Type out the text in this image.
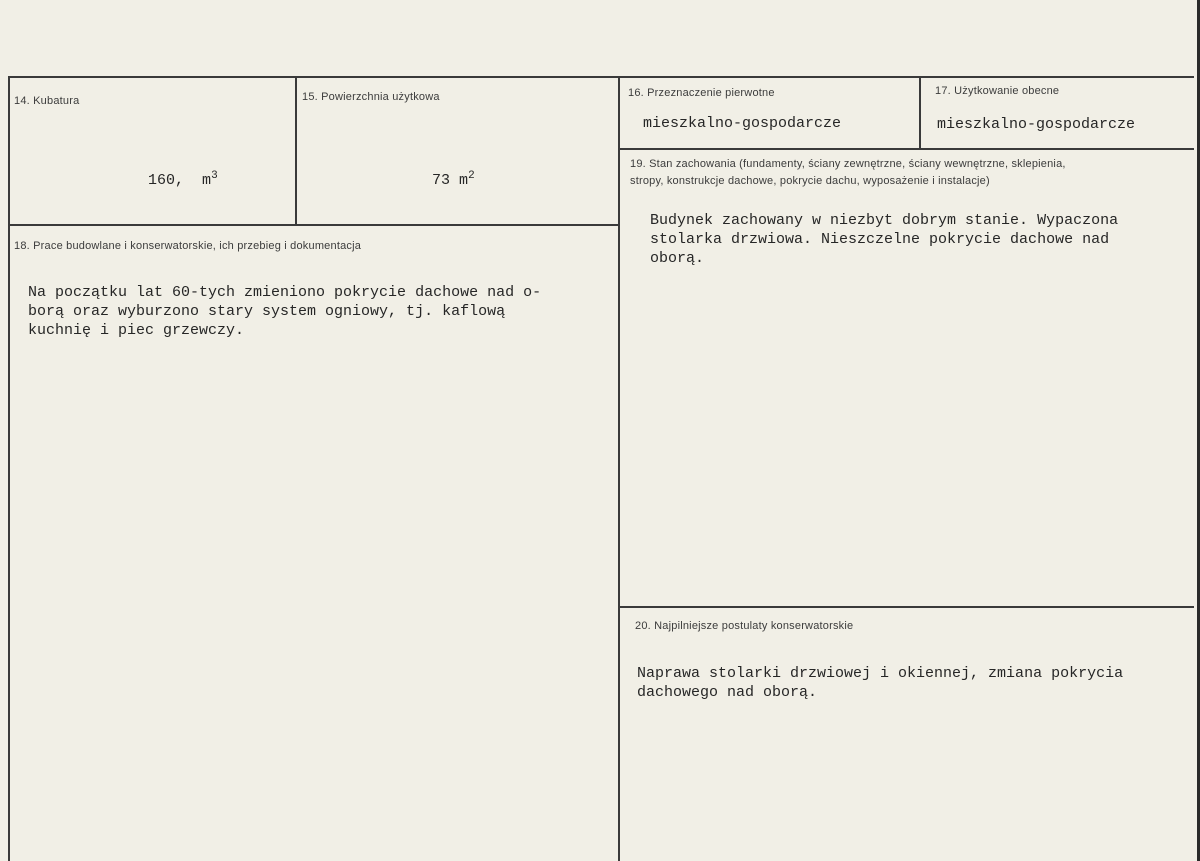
14. Kubatura

160, $m^3$

15. Powierzchnia użytkowa

73 $m^2$

16. Przeznaczenie pierwotne
mieszkalno-gospodarcze
17. Użytkowanie obecne
mieszkalno-gospodarcze
18. Prace budowlane i konserwatorskie, ich przebieg i dokumentacja
Na początku lat 60-tych zmieniono pokrycie dachowe nad o-
borą oraz wyburzono stary system ogniowy, tj. kaflową
kuchnię i piec grzewczy.
19. Stan zachowania (fundamenty, ściany zewnętrzne, ściany wewnętrzne, sklepienia,
stropy, konstrukcje dachowe, pokrycie dachu, wyposażenie i instalacje)
Budynek zachowany w niezbyt dobrym stanie. Wypaczona
stolarka drzwiowa. Nieszczelne pokrycie dachowe nad
oborą.
20. Najpilniejsze postulaty konserwatorskie
Naprawa stolarki drzwiowej i okiennej, zmiana pokrycia
dachowego nad oborą.
